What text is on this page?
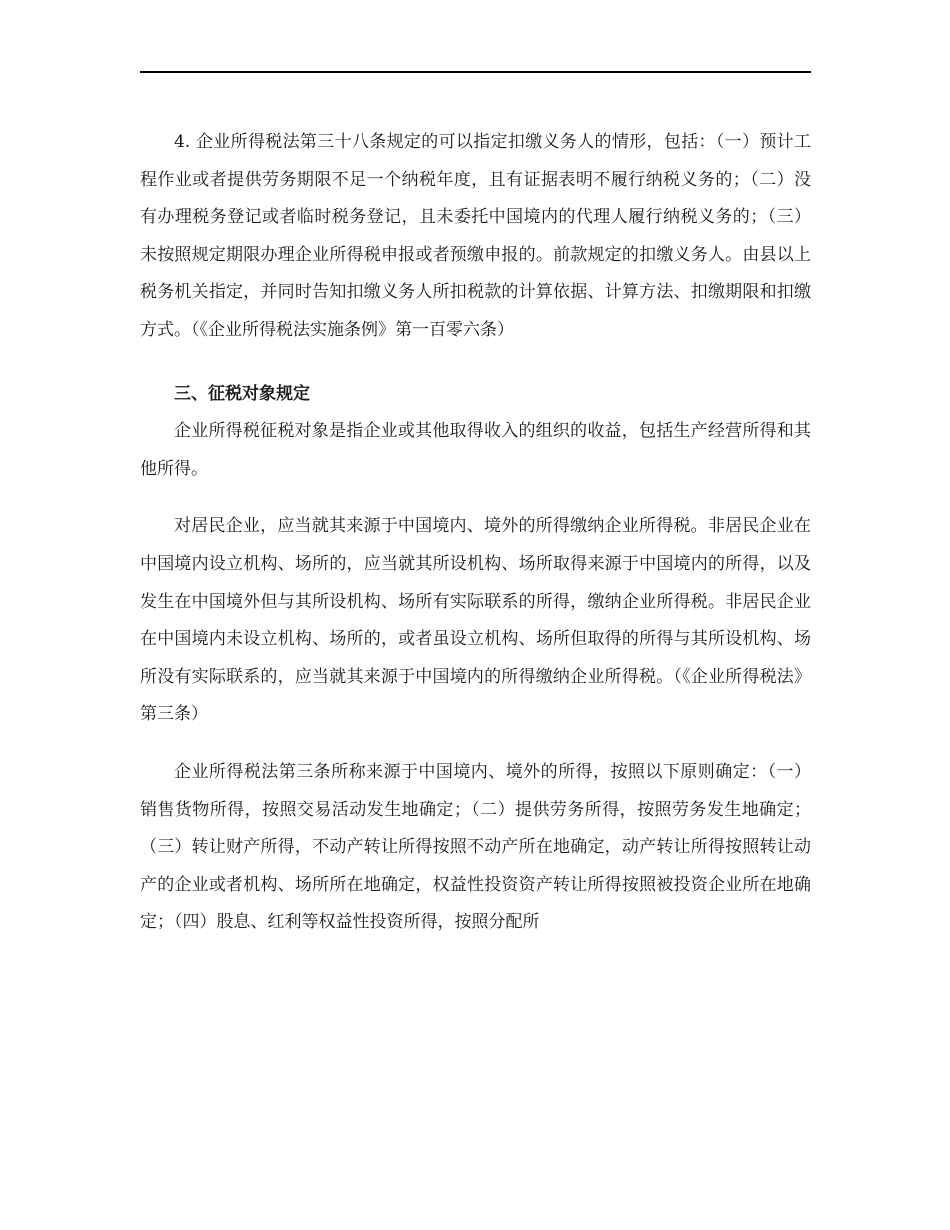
4. 企业所得税法第三十八条规定的可以指定扣缴义务人的情形，包括：（一）预计工程作业或者提供劳务期限不足一个纳税年度，且有证据表明不履行纳税义务的；（二）没有办理税务登记或者临时税务登记，且未委托中国境内的代理人履行纳税义务的；（三）未按照规定期限办理企业所得税申报或者预缴申报的。前款规定的扣缴义务人。由县以上税务机关指定，并同时告知扣缴义务人所扣税款的计算依据、计算方法、扣缴期限和扣缴方式。（《企业所得税法实施条例》第一百零六条）

三、征税对象规定

企业所得税征税对象是指企业或其他取得收入的组织的收益，包括生产经营所得和其他所得。

对居民企业，应当就其来源于中国境内、境外的所得缴纳企业所得税。非居民企业在中国境内设立机构、场所的，应当就其所设机构、场所取得来源于中国境内的所得，以及发生在中国境外但与其所设机构、场所有实际联系的所得，缴纳企业所得税。非居民企业在中国境内未设立机构、场所的，或者虽设立机构、场所但取得的所得与其所设机构、场所没有实际联系的，应当就其来源于中国境内的所得缴纳企业所得税。（《企业所得税法》第三条）

企业所得税法第三条所称来源于中国境内、境外的所得，按照以下原则确定：（一）销售货物所得，按照交易活动发生地确定；（二）提供劳务所得，按照劳务发生地确定；（三）转让财产所得，不动产转让所得按照不动产所在地确定，动产转让所得按照转让动产的企业或者机构、场所所在地确定，权益性投资资产转让所得按照被投资企业所在地确定；（四）股息、红利等权益性投资所得，按照分配所
